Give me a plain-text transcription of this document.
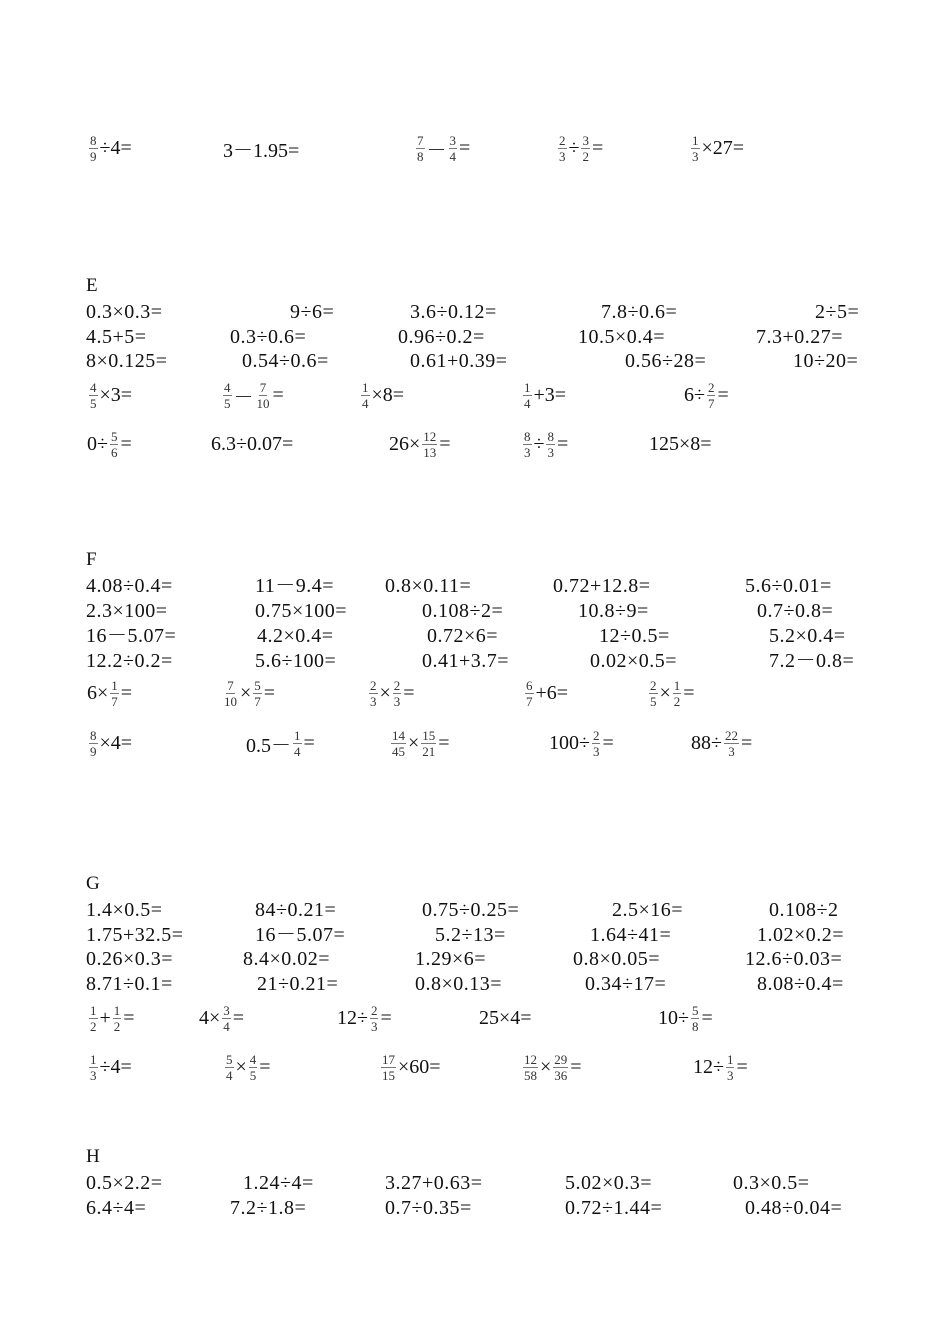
$\frac{8}{9} \div 4=$	3－1.95=	$\frac{7}{8} - \frac{3}{4}$ =	$\frac{2}{3} \div \frac{3}{2}$ =	$\frac{1}{3} \times 27=$
E
0.3×0.3=	9÷6=	3.6÷0.12=	7.8÷0.6=	2÷5=
4.5+5=	0.3÷0.6=	0.96÷0.2=	10.5×0.4=	7.3+0.27=
8×0.125=	0.54÷0.6=	0.61+0.39=	0.56÷28=	10÷20=
$\frac{4}{5} \times 3=$	$\frac{4}{5} - \frac{7}{10}$ =	$\frac{1}{4} \times 8=$	$\frac{1}{4} +3=$	$6\div \frac{2}{7}$ =
$0\div \frac{5}{6}$ =	6.3÷0.07=	$26\times \frac{12}{13}$ =	$\frac{8}{3} \div \frac{8}{3}$ =	125×8=
F
4.08÷0.4=	11－9.4=	0.8×0.11=	0.72+12.8=	5.6÷0.01=
2.3×100=	0.75×100=	0.108÷2=	10.8÷9=	0.7÷0.8=
16－5.07=	4.2×0.4=	0.72×6=	12÷0.5=	5.2×0.4=
12.2÷0.2=	5.6÷100=	0.41+3.7=	0.02×0.5=	7.2－0.8=
$6\times \frac{1}{7}$ =	$\frac{7}{10} \times \frac{5}{7}$ =	$\frac{2}{3} \times \frac{2}{3}$ =	$\frac{6}{7} +6=$	$\frac{2}{5} \times \frac{1}{2}$ =
$\frac{8}{9} \times 4=$	$0.5- \frac{1}{4}$ =	$\frac{14}{45} \times \frac{15}{21}$ =	$100\div \frac{2}{3}$ =	$88\div \frac{22}{3}$ =
G
1.4×0.5=	84÷0.21=	0.75÷0.25=	2.5×16=	0.108÷2
1.75+32.5=	16－5.07=	5.2÷13=	1.64÷41=	1.02×0.2=
0.26×0.3=	8.4×0.02=	1.29×6=	0.8×0.05=	12.6÷0.03=
8.71÷0.1=	21÷0.21=	0.8×0.13=	0.34÷17=	8.08÷0.4=
$\frac{1}{2} + \frac{1}{2}$ =	$4\times \frac{3}{4}$ =	$12\div \frac{2}{3}$ =	25×4=	$10\div \frac{5}{8}$ =
$\frac{1}{3} \div 4=$	$\frac{5}{4} \times \frac{4}{5}$ =	$\frac{17}{15} \times 60=$	$\frac{12}{58} \times \frac{29}{36}$ =	$12\div \frac{1}{3}$ =
H
0.5×2.2=	1.24÷4=	3.27+0.63=	5.02×0.3=	0.3×0.5=
6.4÷4=	7.2÷1.8=	0.7÷0.35=	0.72÷1.44=	0.48÷0.04=
